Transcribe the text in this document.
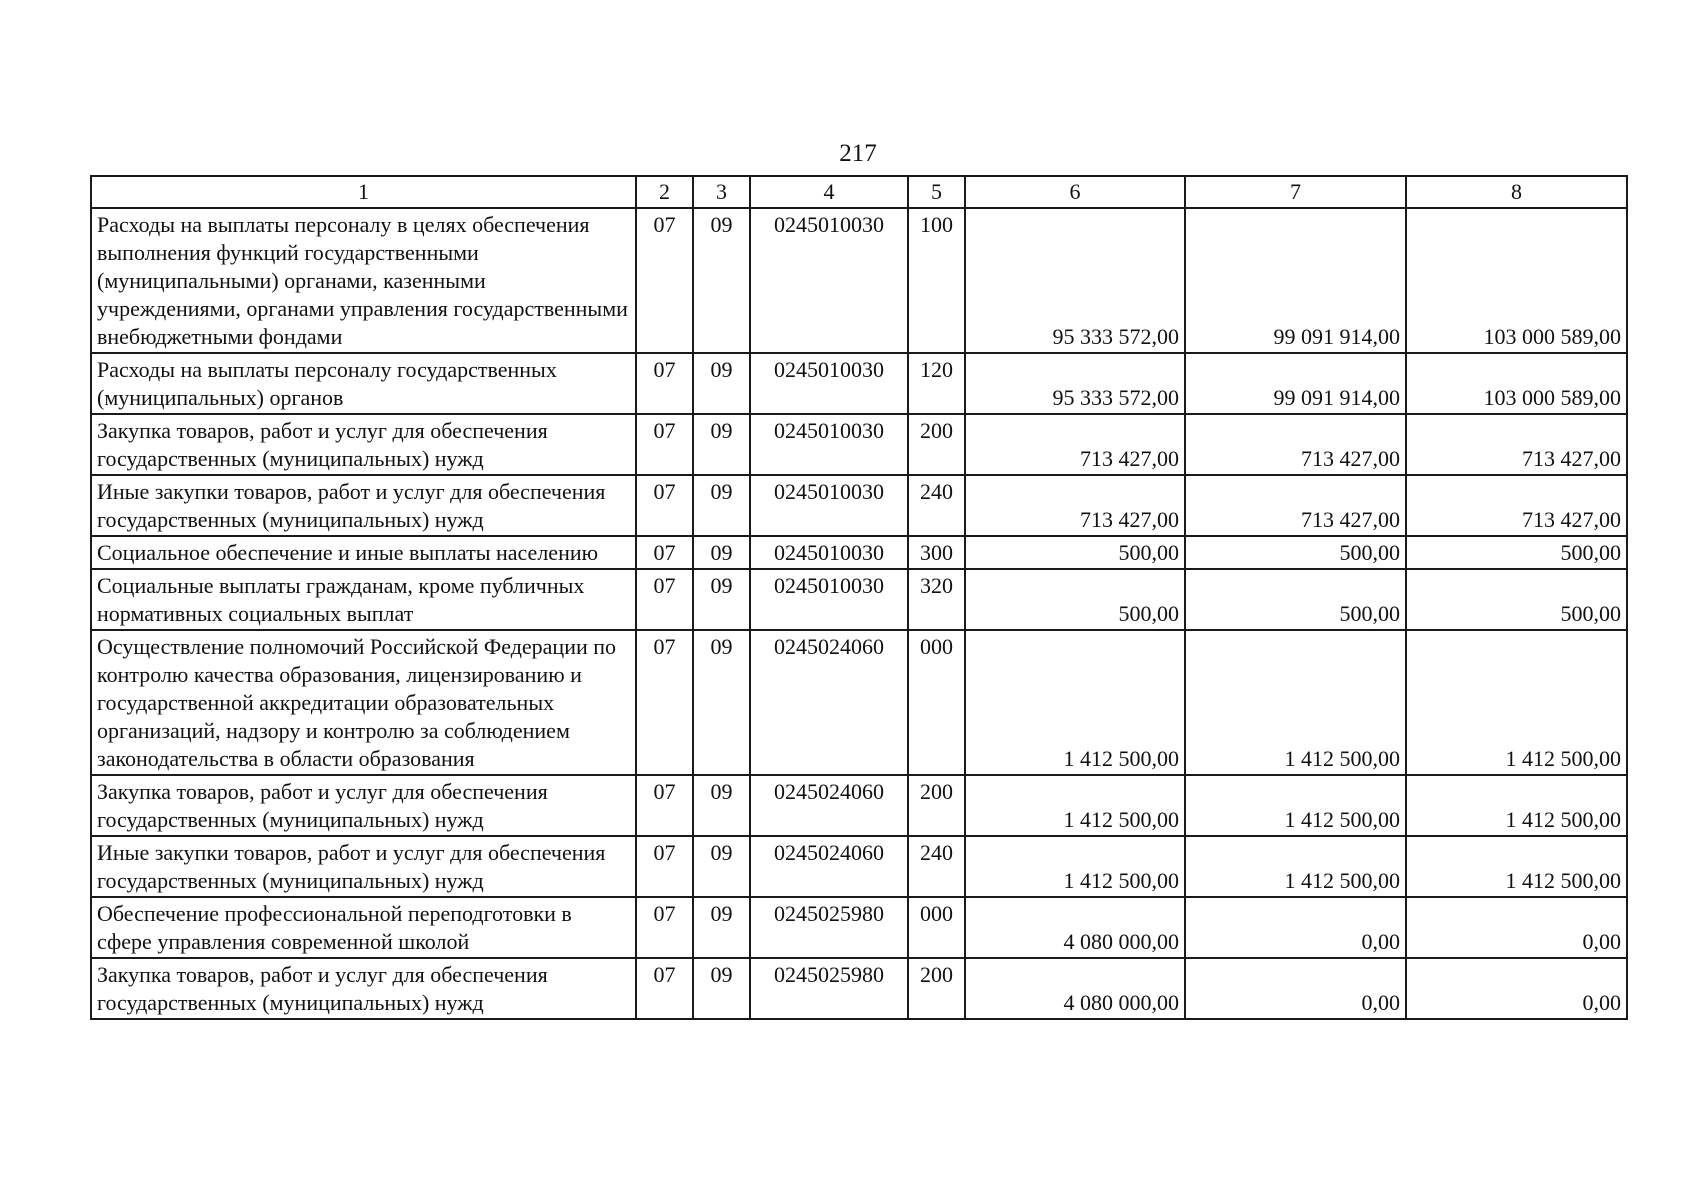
217
1	2	3	4	5	6	7	8
Расходы на выплаты персоналу в целях обеспечения выполнения функций государственными (муниципальными) органами, казенными учреждениями, органами управления государственными внебюджетными фондами	07	09	0245010030	100	95 333 572,00	99 091 914,00	103 000 589,00
Расходы на выплаты персоналу государственных (муниципальных) органов	07	09	0245010030	120	95 333 572,00	99 091 914,00	103 000 589,00
Закупка товаров, работ и услуг для обеспечения государственных (муниципальных) нужд	07	09	0245010030	200	713 427,00	713 427,00	713 427,00
Иные закупки товаров, работ и услуг для обеспечения государственных (муниципальных) нужд	07	09	0245010030	240	713 427,00	713 427,00	713 427,00
Социальное обеспечение и иные выплаты населению	07	09	0245010030	300	500,00	500,00	500,00
Социальные выплаты гражданам, кроме публичных нормативных социальных выплат	07	09	0245010030	320	500,00	500,00	500,00
Осуществление полномочий Российской Федерации по контролю качества образования, лицензированию и государственной аккредитации образовательных организаций, надзору и контролю за соблюдением законодательства в области образования	07	09	0245024060	000	1 412 500,00	1 412 500,00	1 412 500,00
Закупка товаров, работ и услуг для обеспечения государственных (муниципальных) нужд	07	09	0245024060	200	1 412 500,00	1 412 500,00	1 412 500,00
Иные закупки товаров, работ и услуг для обеспечения государственных (муниципальных) нужд	07	09	0245024060	240	1 412 500,00	1 412 500,00	1 412 500,00
Обеспечение профессиональной переподготовки в сфере управления современной школой	07	09	0245025980	000	4 080 000,00	0,00	0,00
Закупка товаров, работ и услуг для обеспечения государственных (муниципальных) нужд	07	09	0245025980	200	4 080 000,00	0,00	0,00
